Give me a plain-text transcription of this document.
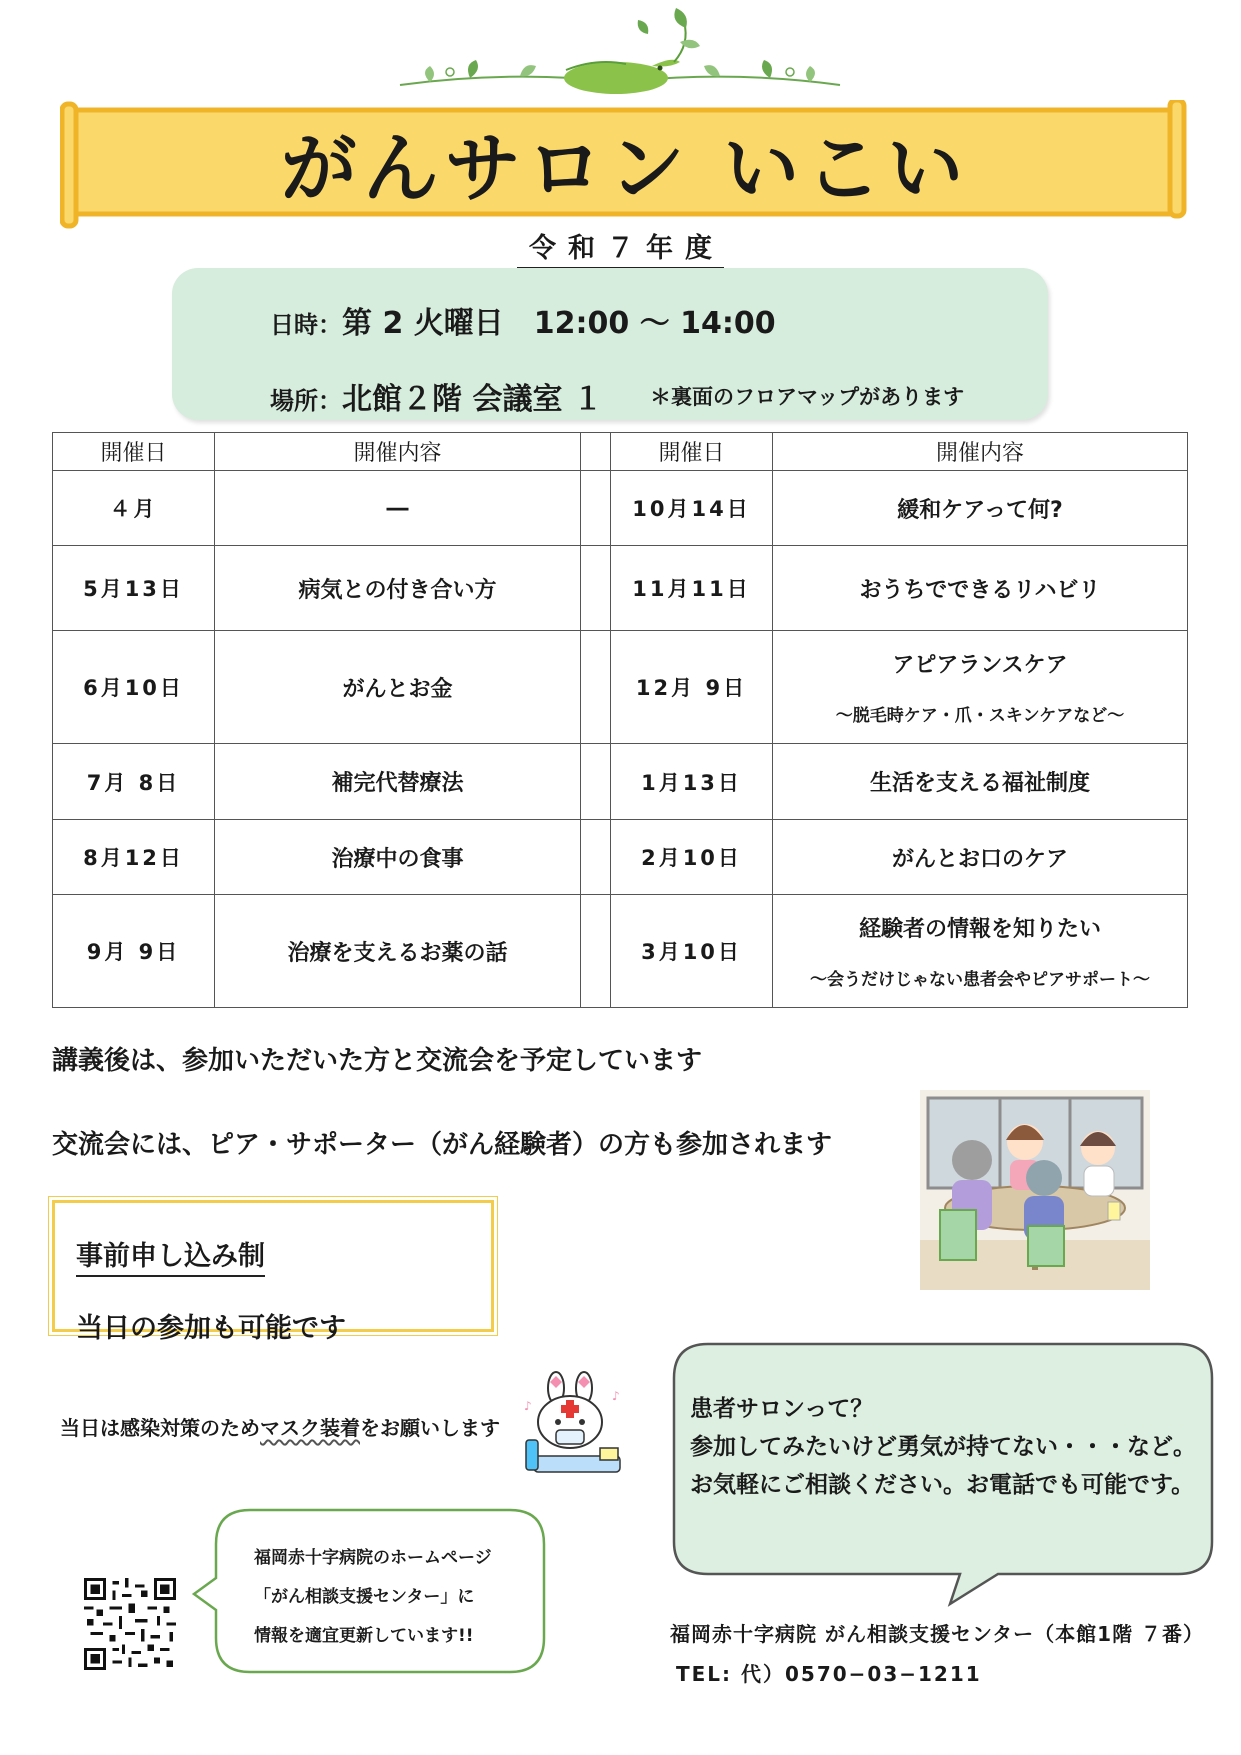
がんサロン いこい
令和７年度
日時：第 2 火曜日　12:00 ～ 14:00
場所：北館２階 会議室 １ ＊裏面のフロアマップがあります
開催日	開催内容		開催日	開催内容
４月	―		10月14日	緩和ケアって何?
5月13日	病気との付き合い方		11月11日	おうちでできるリハビリ
6月10日	がんとお金		12月 9日	アピアランスケア
～脱毛時ケア・爪・スキンケアなど～

7月 8日	補完代替療法		1月13日	生活を支える福祉制度
8月12日	治療中の食事		2月10日	がんとお口のケア
9月 9日	治療を支えるお薬の話		3月10日	経験者の情報を知りたい
～会うだけじゃない患者会やピアサポート～
講義後は、参加いただいた方と交流会を予定しています
交流会には、ピア・サポーター（がん経験者）の方も参加されます
事前申し込み制
当日の参加も可能です
当日は感染対策のためマスク装着をお願いします
♪
♪	患者サロンって？
参加してみたいけど勇気が持てない・・・など。
お気軽にご相談ください。お電話でも可能です。
福岡赤十字病院のホームページ
「がん相談支援センター」に
情報を適宜更新しています!!	福岡赤十字病院 がん相談支援センター（本館1階 ７番）
TEL: 代）0570−03−1211
